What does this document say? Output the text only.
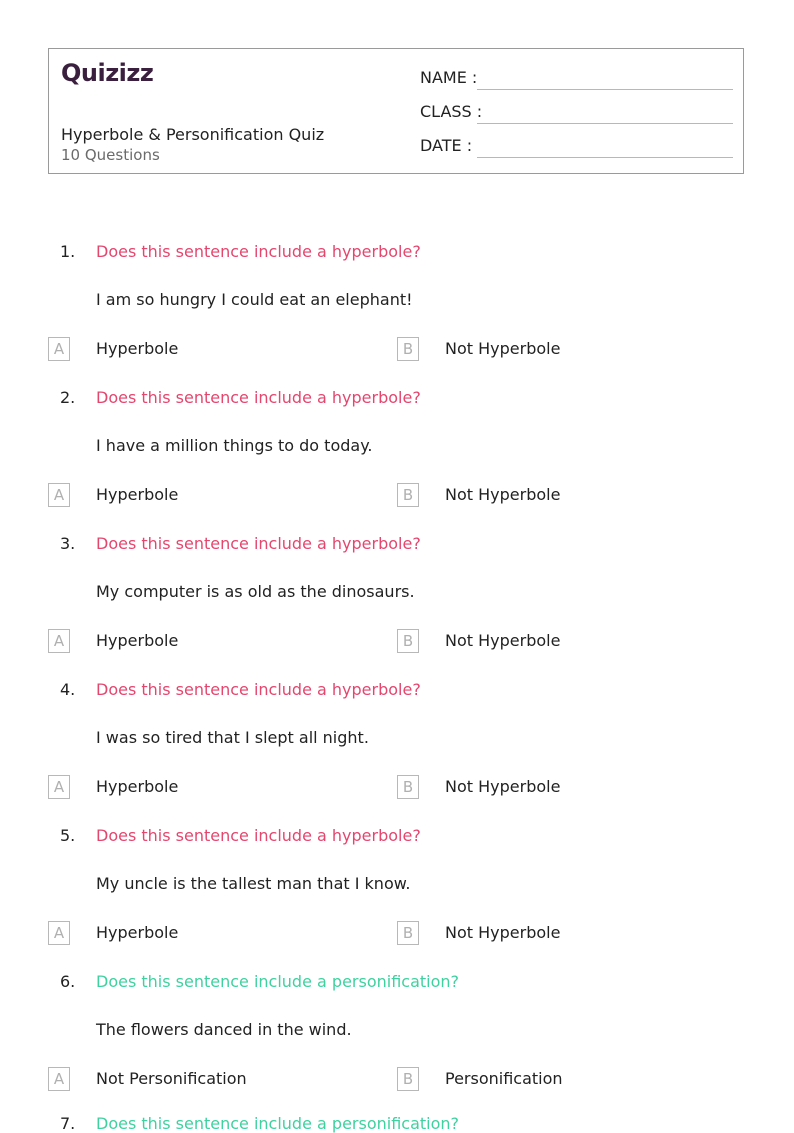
Quizizz
Hyperbole & Personification Quiz
10 Questions
NAME :
CLASS :
DATE :
1. Does this sentence include a hyperbole?
I am so hungry I could eat an elephant!
A	Hyperbole	B	Not Hyperbole
2. Does this sentence include a hyperbole?
I have a million things to do today.
A	Hyperbole	B	Not Hyperbole
3. Does this sentence include a hyperbole?
My computer is as old as the dinosaurs.
A	Hyperbole	B	Not Hyperbole
4. Does this sentence include a hyperbole?
I was so tired that I slept all night.
A	Hyperbole	B	Not Hyperbole
5. Does this sentence include a hyperbole?
My uncle is the tallest man that I know.
A	Hyperbole	B	Not Hyperbole
6. Does this sentence include a personification?
The flowers danced in the wind.
A	Not Personification	B	Personification
7. Does this sentence include a personification?
